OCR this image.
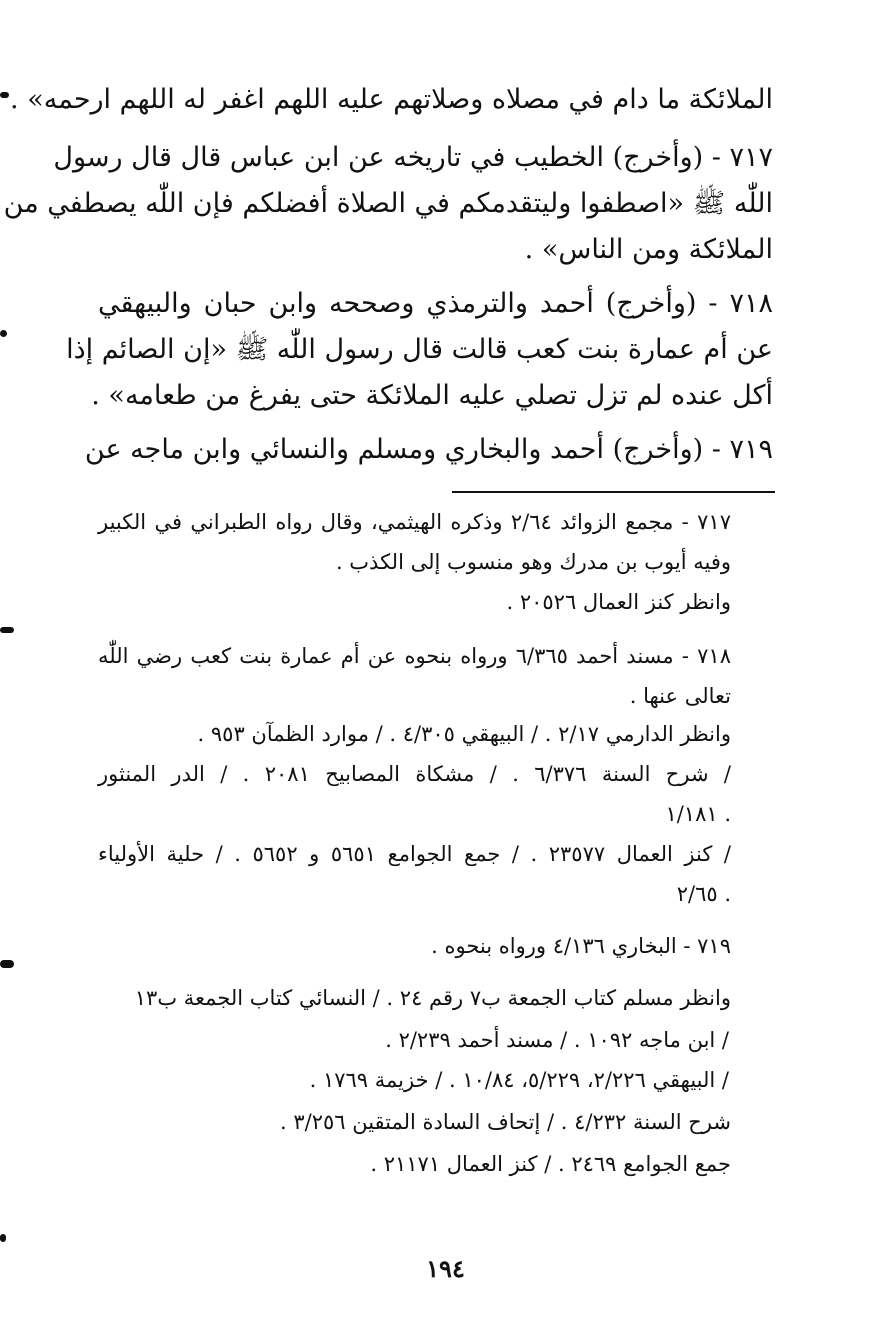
الملائكة ما دام في مصلاه وصلاتهم عليه اللهم اغفر له اللهم ارحمه» .
٧١٧ - (وأخرج) الخطيب في تاريخه عن ابن عباس قال قال رسول
اللّٰه ﷺ «اصطفوا وليتقدمكم في الصلاة أفضلكم فإن اللّٰه يصطفي من
الملائكة ومن الناس» .
٧١٨ - (وأخرج) أحمد والترمذي وصححه وابن حبان والبيهقي
عن أم عمارة بنت كعب قالت قال رسول اللّٰه ﷺ «إن الصائم إذا
أكل عنده لم تزل تصلي عليه الملائكة حتى يفرغ من طعامه» .
٧١٩ - (وأخرج) أحمد والبخاري ومسلم والنسائي وابن ماجه عن
٧١٧ - مجمع الزوائد ٢/٦٤ وذكره الهيثمي، وقال رواه الطبراني في الكبير
وفيه أيوب بن مدرك وهو منسوب إلى الكذب .
وانظر كنز العمال ٢٠٥٢٦ .
٧١٨ - مسند أحمد ٦/٣٦٥ ورواه بنحوه عن أم عمارة بنت كعب رضي اللّٰه
تعالى عنها .
وانظر الدارمي ٢/١٧ . / البيهقي ٤/٣٠٥ . / موارد الظمآن ٩٥٣ .
/ شرح السنة ٦/٣٧٦ . / مشكاة المصابيح ٢٠٨١ . / الدر المنثور
١/١٨١ .
/ كنز العمال ٢٣٥٧٧ . / جمع الجوامع ٥٦٥١ و ٥٦٥٢ . / حلية الأولياء
٢/٦٥ .
٧١٩ - البخاري ٤/١٣٦ ورواه بنحوه .
وانظر مسلم كتاب الجمعة ب٧ رقم ٢٤ . / النسائي كتاب الجمعة ب١٣
/ ابن ماجه ١٠٩٢ . / مسند أحمد ٢/٢٣٩ .
/ البيهقي ٢/٢٢٦، ٥/٢٢٩، ١٠/٨٤ . / خزيمة ١٧٦٩ .
شرح السنة ٤/٢٣٢ . / إتحاف السادة المتقين ٣/٢٥٦ .
جمع الجوامع ٢٤٦٩ . / كنز العمال ٢١١٧١ .
١٩٤
